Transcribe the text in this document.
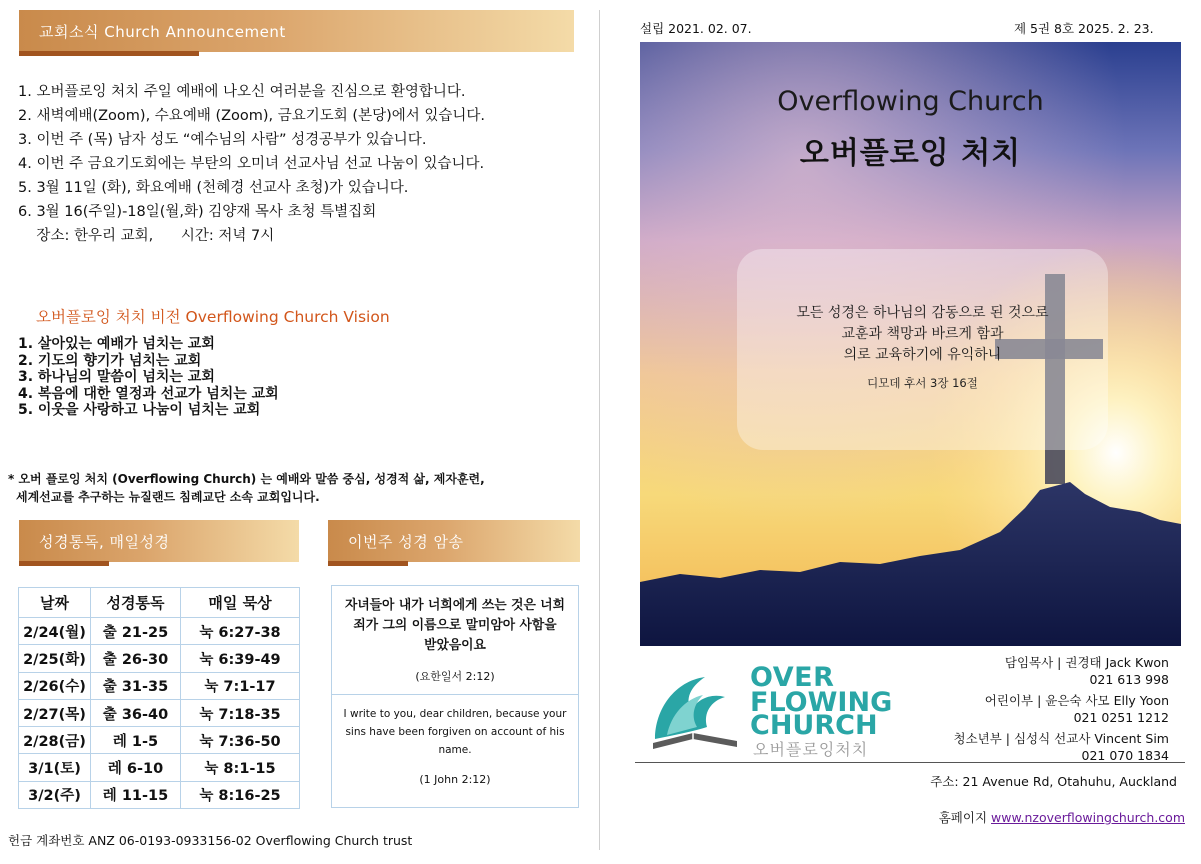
교회소식 Church Announcement
1. 오버플로잉 처치 주일 예배에 나오신 여러분을 진심으로 환영합니다.
2. 새벽예배(Zoom), 수요예배 (Zoom), 금요기도회 (본당)에서 있습니다.
3. 이번 주 (목) 남자 성도 “예수님의 사람” 성경공부가 있습니다.
4. 이번 주 금요기도회에는 부탄의 오미녀 선교사님 선교 나눔이 있습니다.
5. 3월 11일 (화), 화요예배 (천혜경 선교사 초청)가 있습니다.
6. 3월 16(주일)-18일(월,화) 김양재 목사 초청 특별집회
장소: 한우리 교회,      시간: 저녁 7시
오버플로잉 처치 비전 Overflowing Church Vision
1. 살아있는 예배가 넘치는 교회
2. 기도의 향기가 넘치는 교회
3. 하나님의 말씀이 넘치는 교회
4. 복음에 대한 열정과 선교가 넘치는 교회
5. 이웃을 사랑하고 나눔이 넘치는 교회
* 오버 플로잉 처치 (Overflowing Church) 는 예배와 말씀 중심, 성경적 삶, 제자훈련,
세계선교를 추구하는 뉴질랜드 침례교단 소속 교회입니다.
성경통독, 매일성경	이번주 성경 암송
날짜	성경통독	매일 묵상
2/24(월)	출 21-25	눅 6:27-38
2/25(화)	출 26-30	눅 6:39-49
2/26(수)	출 31-35	눅 7:1-17
2/27(목)	출 36-40	눅 7:18-35
2/28(금)	레 1-5	눅 7:36-50
3/1(토)	레 6-10	눅 8:1-15
3/2(주)	레 11-15	눅 8:16-25
자녀들아 내가 너희에게 쓰는 것은 너희
죄가 그의 이름으로 말미암아 사함을
받았음이요
(요한일서 2:12)
I write to you, dear children, because your
sins have been forgiven on account of his
name.
(1 John 2:12)
헌금 계좌번호 ANZ 06-0193-0933156-02 Overflowing Church trust
설립 2021. 02. 07.	제 5권 8호 2025. 2. 23.
Overflowing Church
오버플로잉 처치
모든 성경은 하나님의 감동으로 된 것으로
교훈과 책망과 바르게 함과
의로 교육하기에 유익하니
디모데 후서 3장 16절
OVER
FLOWING
CHURCH
오버플로잉처치
담임목사 | 권경태 Jack Kwon
021 613 998
어린이부 | 윤은숙 사모 Elly Yoon
021 0251 1212
청소년부 | 심성식 선교사 Vincent Sim
021 070 1834
주소: 21 Avenue Rd, Otahuhu, Auckland
홈페이지 www.nzoverflowingchurch.com
